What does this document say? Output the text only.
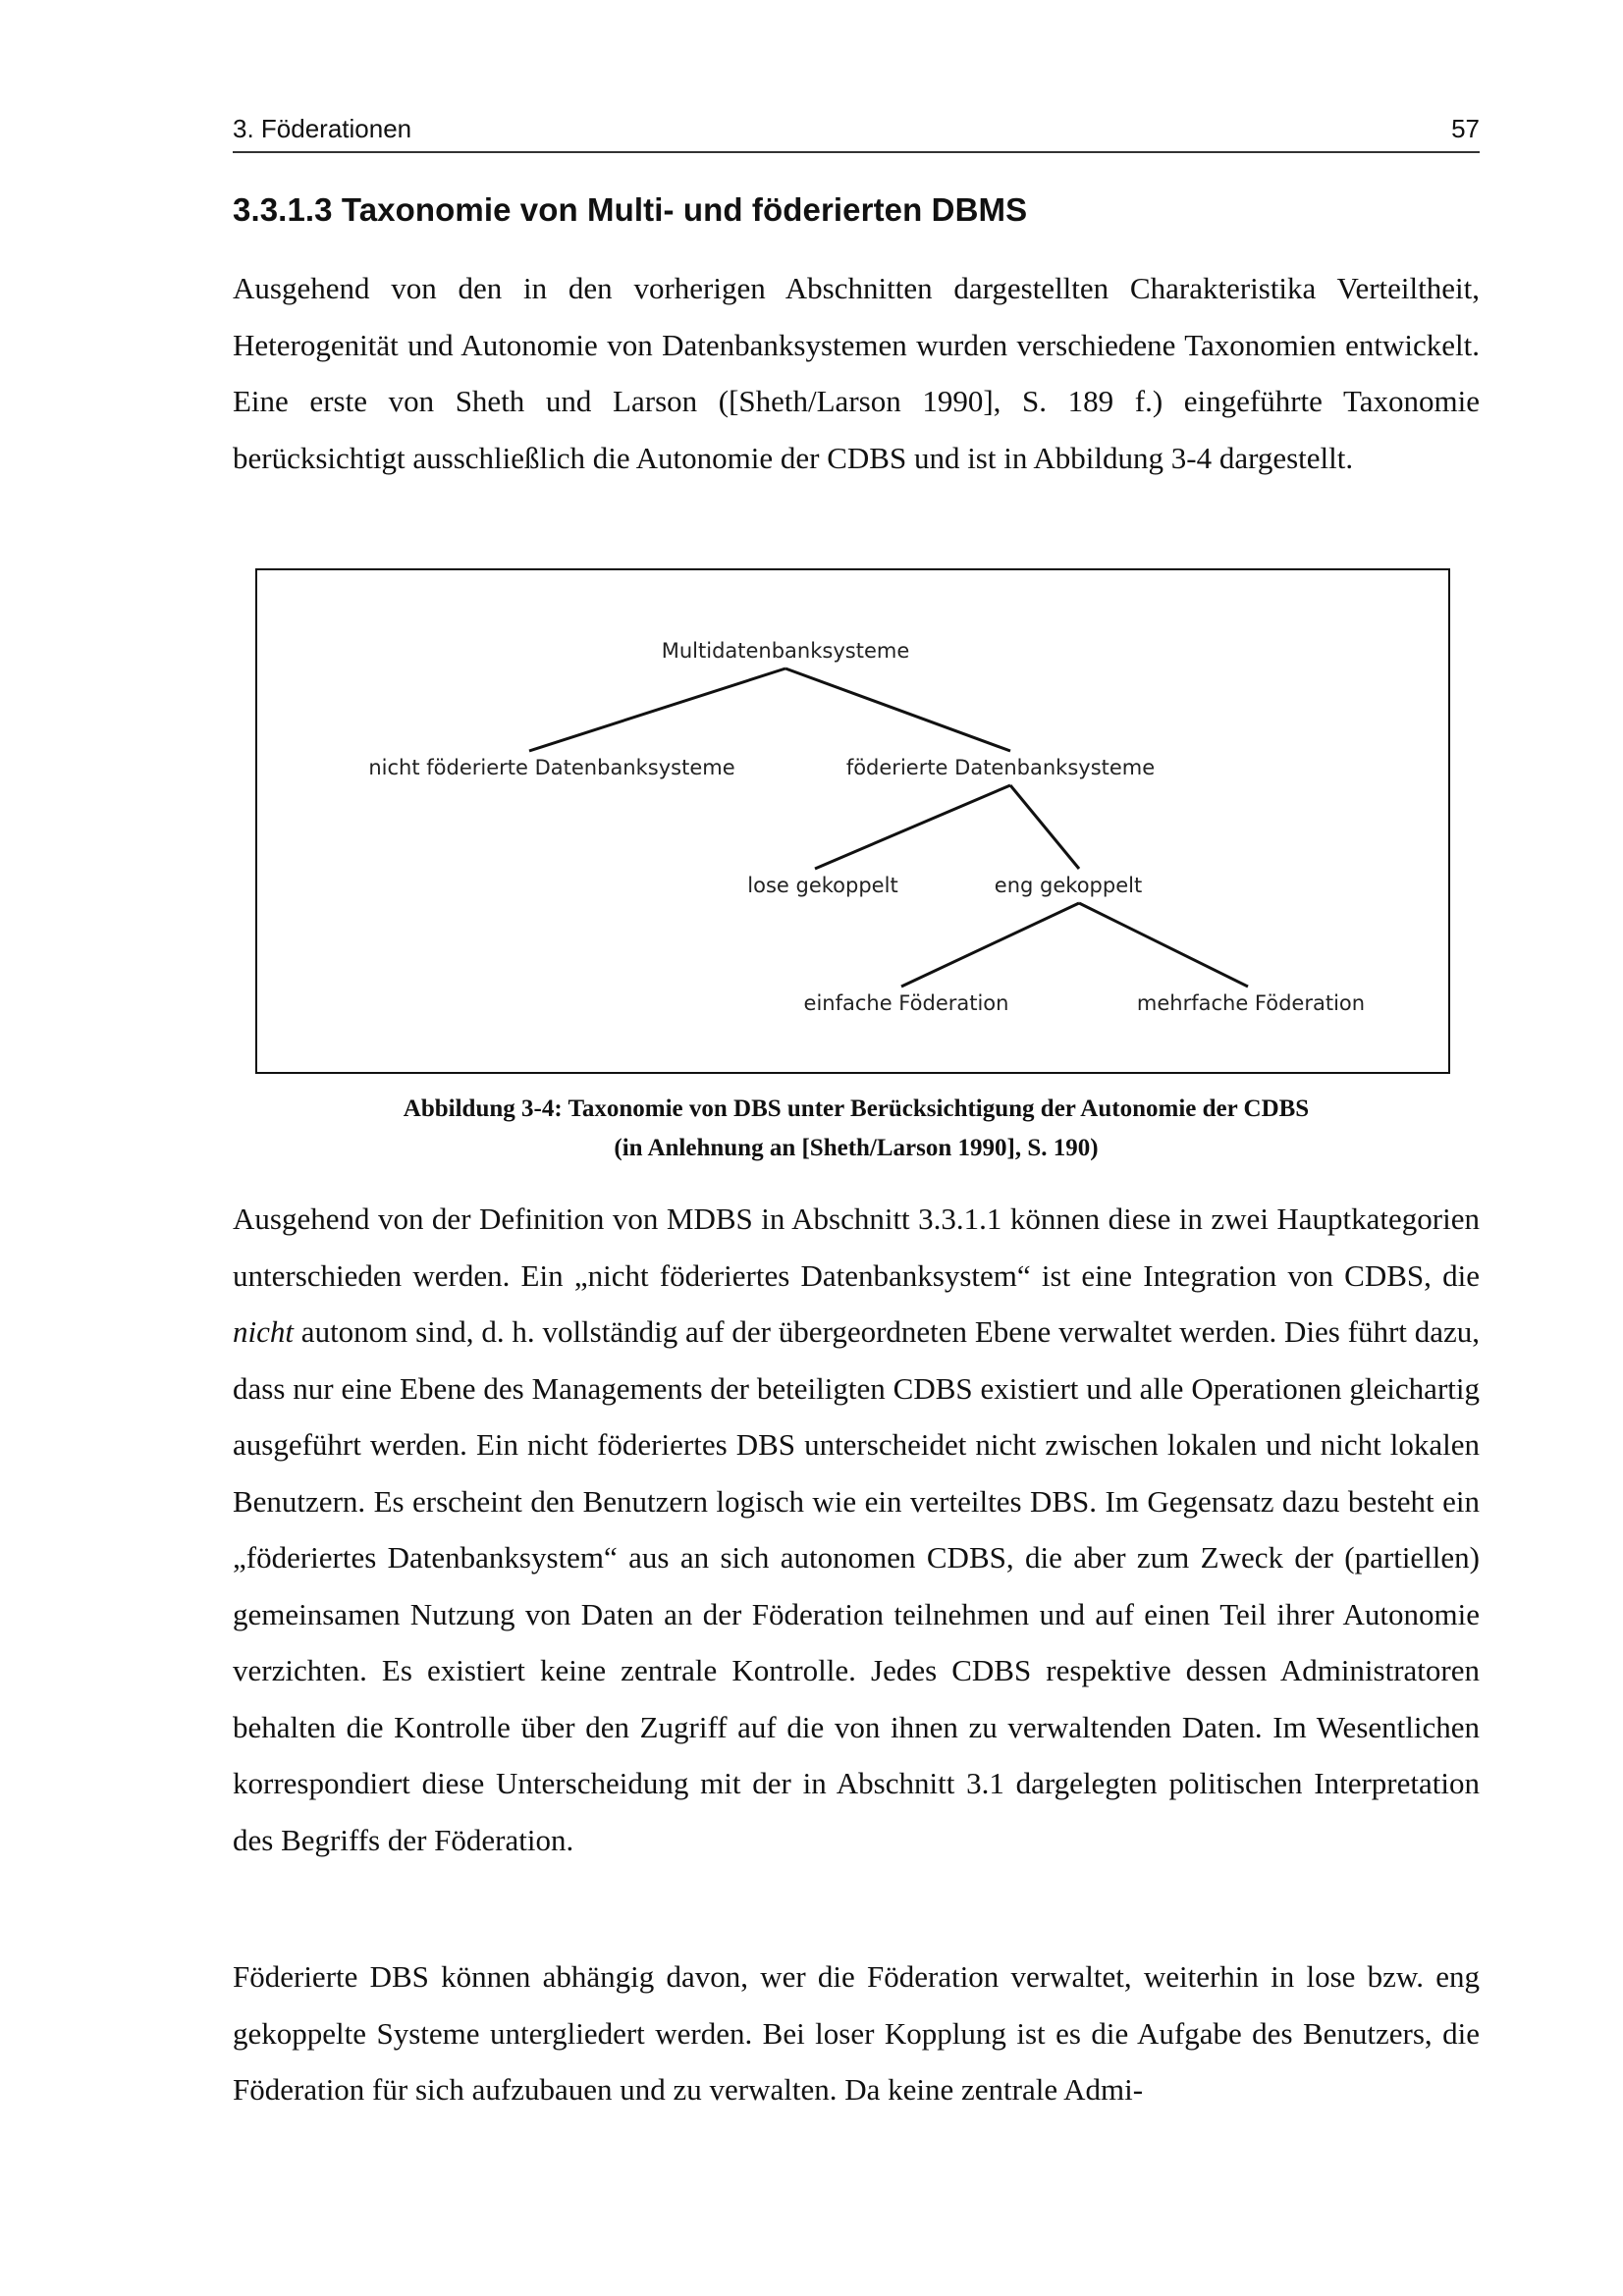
3. Föderationen	57
3.3.1.3 Taxonomie von Multi- und föderierten DBMS

Ausgehend von den in den vorherigen Abschnitten dargestellten Charakteristika Verteiltheit, Heterogenität und Autonomie von Datenbanksystemen wurden verschiedene Taxonomien entwickelt. Eine erste von Sheth und Larson ([Sheth/Larson 1990], S. 189 f.) eingeführte Taxonomie berücksichtigt ausschließlich die Autonomie der CDBS und ist in Abbildung 3-4 dargestellt.

Multidatenbanksysteme
nicht föderierte Datenbanksysteme	föderierte Datenbanksysteme
lose gekoppelt	eng gekoppelt
einfache Föderation	mehrfache Föderation

Abbildung 3-4: Taxonomie von DBS unter Berücksichtigung der Autonomie der CDBS

(in Anlehnung an [Sheth/Larson 1990], S. 190)

Ausgehend von der Definition von MDBS in Abschnitt 3.3.1.1 können diese in zwei Hauptkategorien unterschieden werden. Ein „nicht föderiertes Datenbanksystem“ ist eine Integration von CDBS, die nicht autonom sind, d. h. vollständig auf der übergeordneten Ebene verwaltet werden. Dies führt dazu, dass nur eine Ebene des Managements der beteiligten CDBS existiert und alle Operationen gleichartig ausgeführt werden. Ein nicht föderiertes DBS unterscheidet nicht zwischen lokalen und nicht lokalen Benutzern. Es erscheint den Benutzern logisch wie ein verteiltes DBS. Im Gegensatz dazu besteht ein „föderiertes Datenbanksystem“ aus an sich autonomen CDBS, die aber zum Zweck der (partiellen) gemeinsamen Nutzung von Daten an der Föderation teilnehmen und auf einen Teil ihrer Autonomie verzichten. Es existiert keine zentrale Kontrolle. Jedes CDBS respektive dessen Administratoren behalten die Kontrolle über den Zugriff auf die von ihnen zu verwaltenden Daten. Im Wesentlichen korrespondiert diese Unterscheidung mit der in Abschnitt 3.1 dargelegten politischen Interpretation des Begriffs der Föderation.

Föderierte DBS können abhängig davon, wer die Föderation verwaltet, weiterhin in lose bzw. eng gekoppelte Systeme untergliedert werden. Bei loser Kopplung ist es die Aufgabe des Benutzers, die Föderation für sich aufzubauen und zu verwalten. Da keine zentrale Admi-
